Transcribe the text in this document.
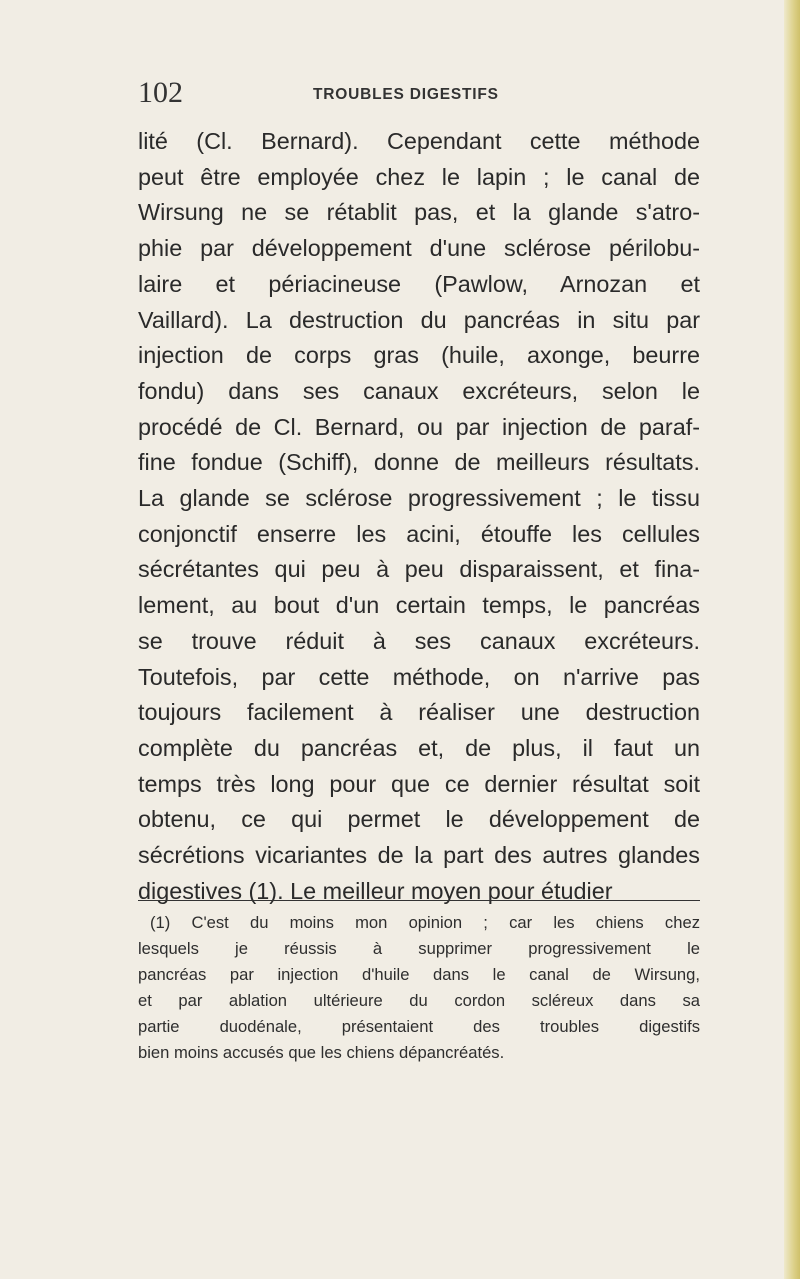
102	TROUBLES DIGESTIFS
lité (Cl. Bernard). Cependant cette méthode
peut être employée chez le lapin ; le canal de
Wirsung ne se rétablit pas, et la glande s'atro-
phie par développement d'une sclérose périlobu-
laire et périacineuse (Pawlow, Arnozan et
Vaillard). La destruction du pancréas in situ par
injection de corps gras (huile, axonge, beurre
fondu) dans ses canaux excréteurs, selon le
procédé de Cl. Bernard, ou par injection de paraf-
fine fondue (Schiff), donne de meilleurs résultats.
La glande se sclérose progressivement ; le tissu
conjonctif enserre les acini, étouffe les cellules
sécrétantes qui peu à peu disparaissent, et fina-
lement, au bout d'un certain temps, le pancréas
se trouve réduit à ses canaux excréteurs.
Toutefois, par cette méthode, on n'arrive pas
toujours facilement à réaliser une destruction
complète du pancréas et, de plus, il faut un
temps très long pour que ce dernier résultat soit
obtenu, ce qui permet le développement de
sécrétions vicariantes de la part des autres glandes
digestives (1). Le meilleur moyen pour étudier
(1) C'est du moins mon opinion ; car les chiens chez
lesquels je réussis à supprimer progressivement le
pancréas par injection d'huile dans le canal de Wirsung,
et par ablation ultérieure du cordon scléreux dans sa
partie duodénale, présentaient des troubles digestifs
bien moins accusés que les chiens dépancréatés.
